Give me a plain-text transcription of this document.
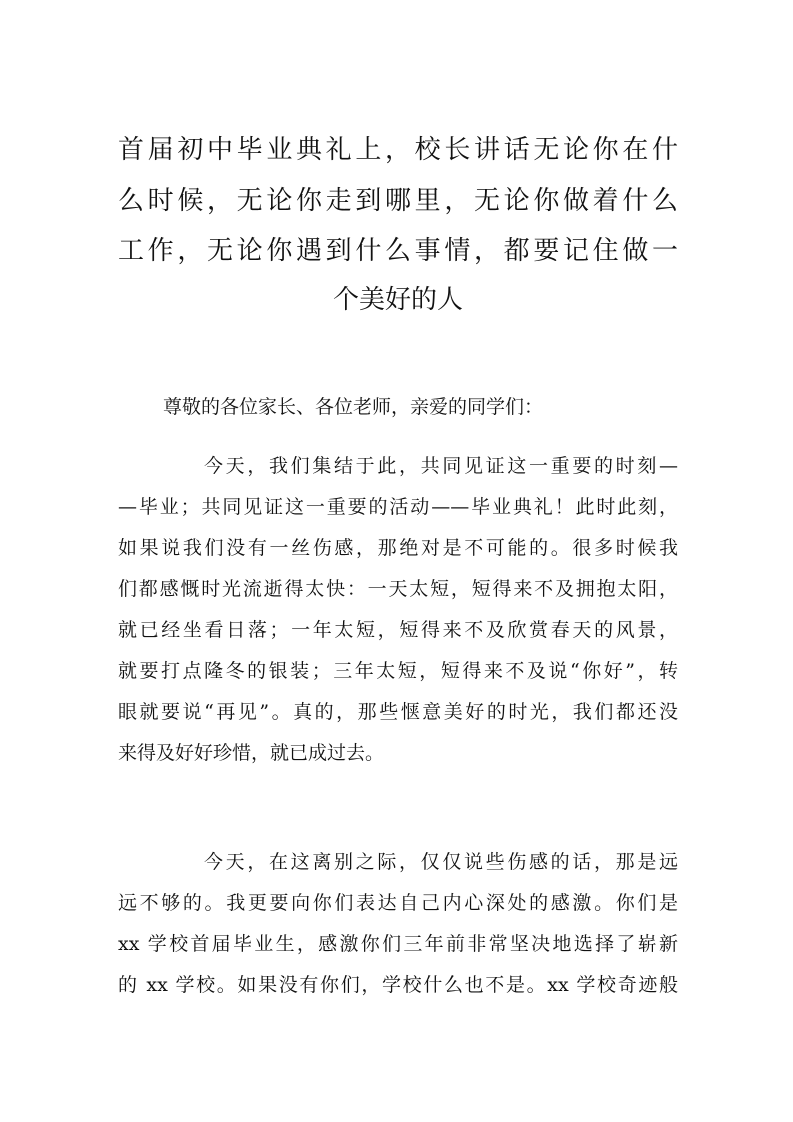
首届初中毕业典礼上，校长讲话无论你在什
么时候，无论你走到哪里，无论你做着什么
工作，无论你遇到什么事情，都要记住做一
个美好的人
尊敬的各位家长、各位老师，亲爱的同学们：
今天，我们集结于此，共同见证这一重要的时刻—
—毕业；共同见证这一重要的活动——毕业典礼！此时此刻，
如果说我们没有一丝伤感，那绝对是不可能的。很多时候我
们都感慨时光流逝得太快：一天太短，短得来不及拥抱太阳，
就已经坐看日落；一年太短，短得来不及欣赏春天的风景，
就要打点隆冬的银装；三年太短，短得来不及说“你好”，转
眼就要说“再见”。真的，那些惬意美好的时光，我们都还没
来得及好好珍惜，就已成过去。
今天，在这离别之际，仅仅说些伤感的话，那是远
远不够的。我更要向你们表达自己内心深处的感激。你们是
xx 学校首届毕业生，感激你们三年前非常坚决地选择了崭新
的 xx 学校。如果没有你们，学校什么也不是。xx 学校奇迹般
